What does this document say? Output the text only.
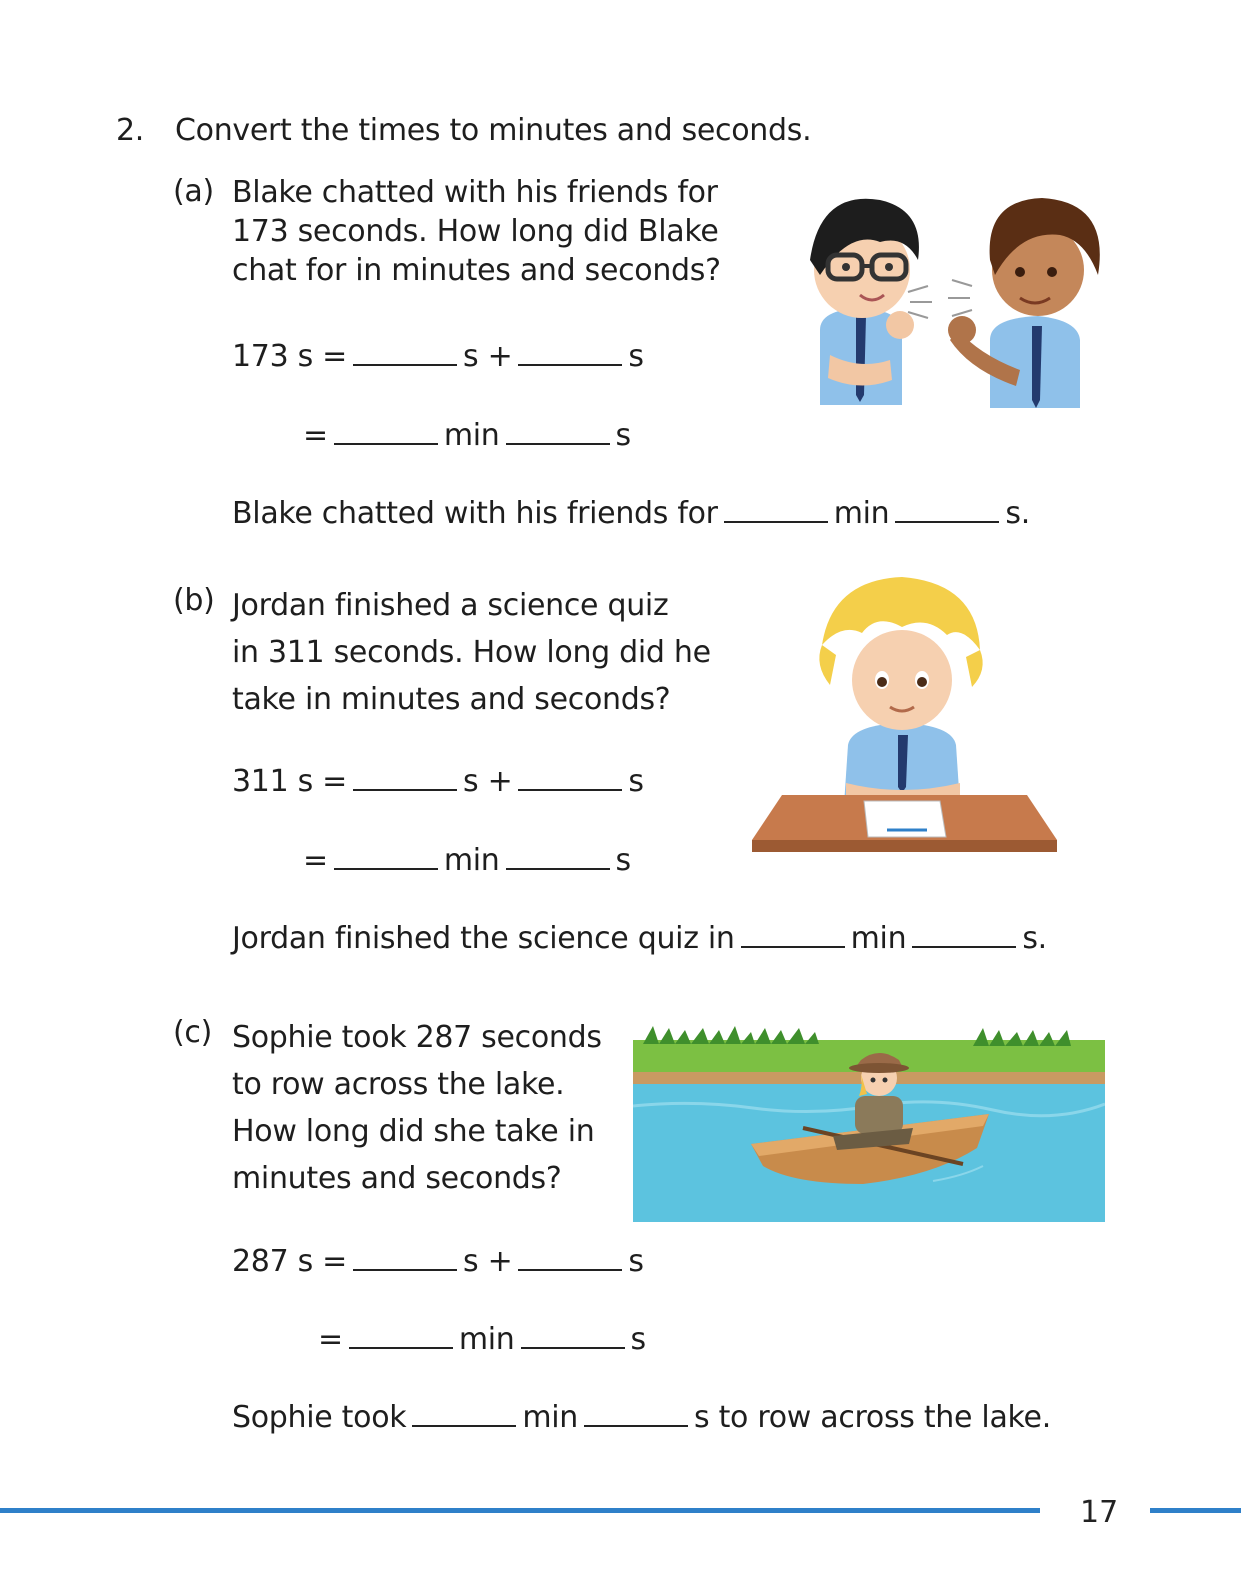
2. Convert the times to minutes and seconds.
(a) Blake chatted with his friends for
173 seconds. How long did Blake
chat for in minutes and seconds?
173 s =	s +	s
=	min	s
Blake chatted with his friends for	min	s.
(b) Jordan finished a science quiz
in 311 seconds. How long did he
take in minutes and seconds?
311 s =	s +	s
=	min	s
Jordan finished the science quiz in	min	s.
(c) Sophie took 287 seconds
to row across the lake.
How long did she take in
minutes and seconds?
287 s =	s +	s
=	min	s
Sophie took	min	s to row across the lake.
17
